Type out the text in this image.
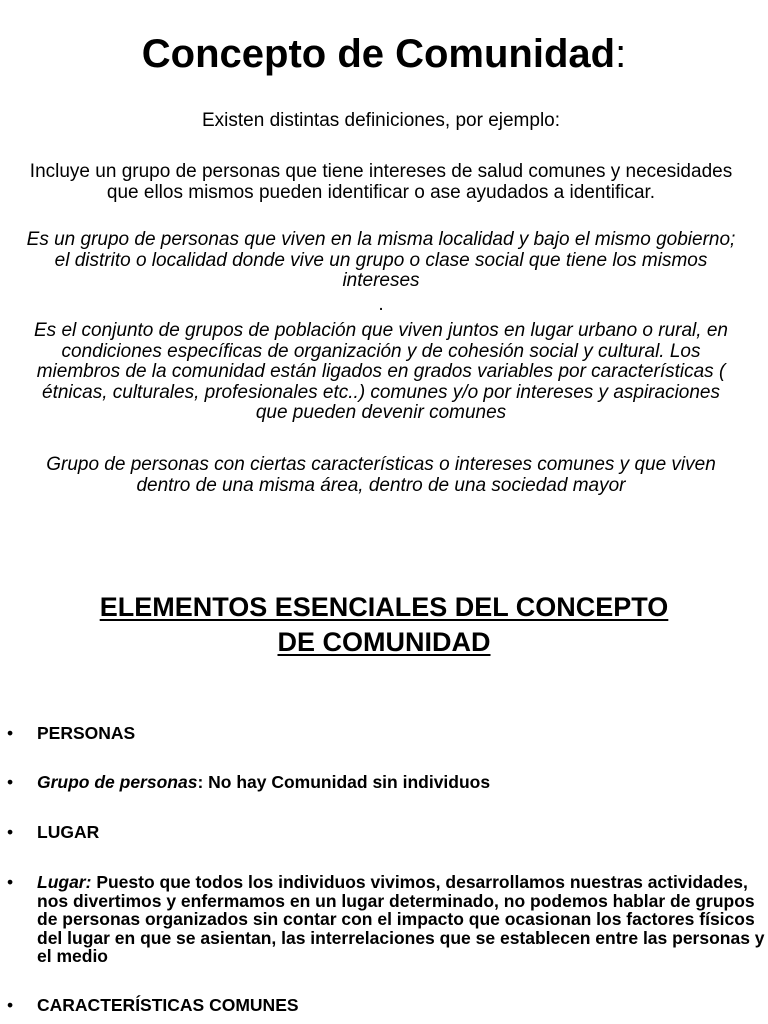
Concepto de Comunidad:

Existen distintas definiciones, por ejemplo:

Incluye un grupo de personas que tiene intereses de salud comunes y necesidades que ellos mismos pueden identificar o ase ayudados a identificar.

Es un grupo de personas que viven en la misma localidad y bajo el mismo gobierno; el distrito o localidad donde vive un grupo o clase social que tiene los mismos intereses

.

Es el conjunto de grupos de población que viven juntos en lugar urbano o rural, en condiciones específicas de organización y de cohesión social y cultural. Los miembros de la comunidad están ligados en grados variables por características ( étnicas, culturales, profesionales etc..) comunes y/o por intereses y aspiraciones que pueden devenir comunes

Grupo de personas con ciertas características o intereses comunes y que viven dentro de una misma área, dentro de una sociedad mayor

ELEMENTOS ESENCIALES DEL CONCEPTO
DE COMUNIDAD
• PERSONAS
• Grupo de personas: No hay Comunidad sin individuos
• LUGAR
• Lugar: Puesto que todos los individuos vivimos, desarrollamos nuestras actividades, nos divertimos y enfermamos en un lugar determinado, no podemos hablar de grupos de personas organizados sin contar con el impacto que ocasionan los factores físicos del lugar en que se asientan, las interrelaciones que se establecen entre las personas y el medio
• CARACTERÍSTICAS COMUNES
